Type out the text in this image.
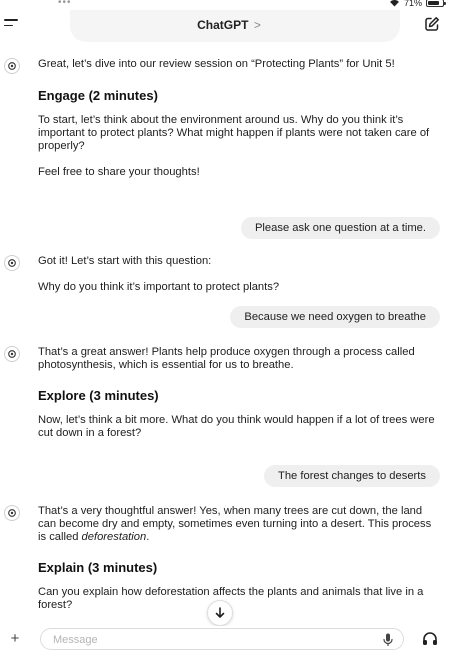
•••	71%
ChatGPT >

Great, let’s dive into our review session on “Protecting Plants” for Unit 5!

Engage (2 minutes)

To start, let’s think about the environment around us. Why do you think it’s important to protect plants? What might happen if plants were not taken care of properly?

Feel free to share your thoughts!

Please ask one question at a time.

Got it! Let’s start with this question:

Why do you think it’s important to protect plants?

Because we need oxygen to breathe

That’s a great answer! Plants help produce oxygen through a process called photosynthesis, which is essential for us to breathe.

Explore (3 minutes)

Now, let’s think a bit more. What do you think would happen if a lot of trees were cut down in a forest?

The forest changes to deserts

That’s a very thoughtful answer! Yes, when many trees are cut down, the land can become dry and empty, sometimes even turning into a desert. This process is called deforestation.

Explain (3 minutes)

Can you explain how deforestation affects the plants and animals that live in a forest?

+
Message
